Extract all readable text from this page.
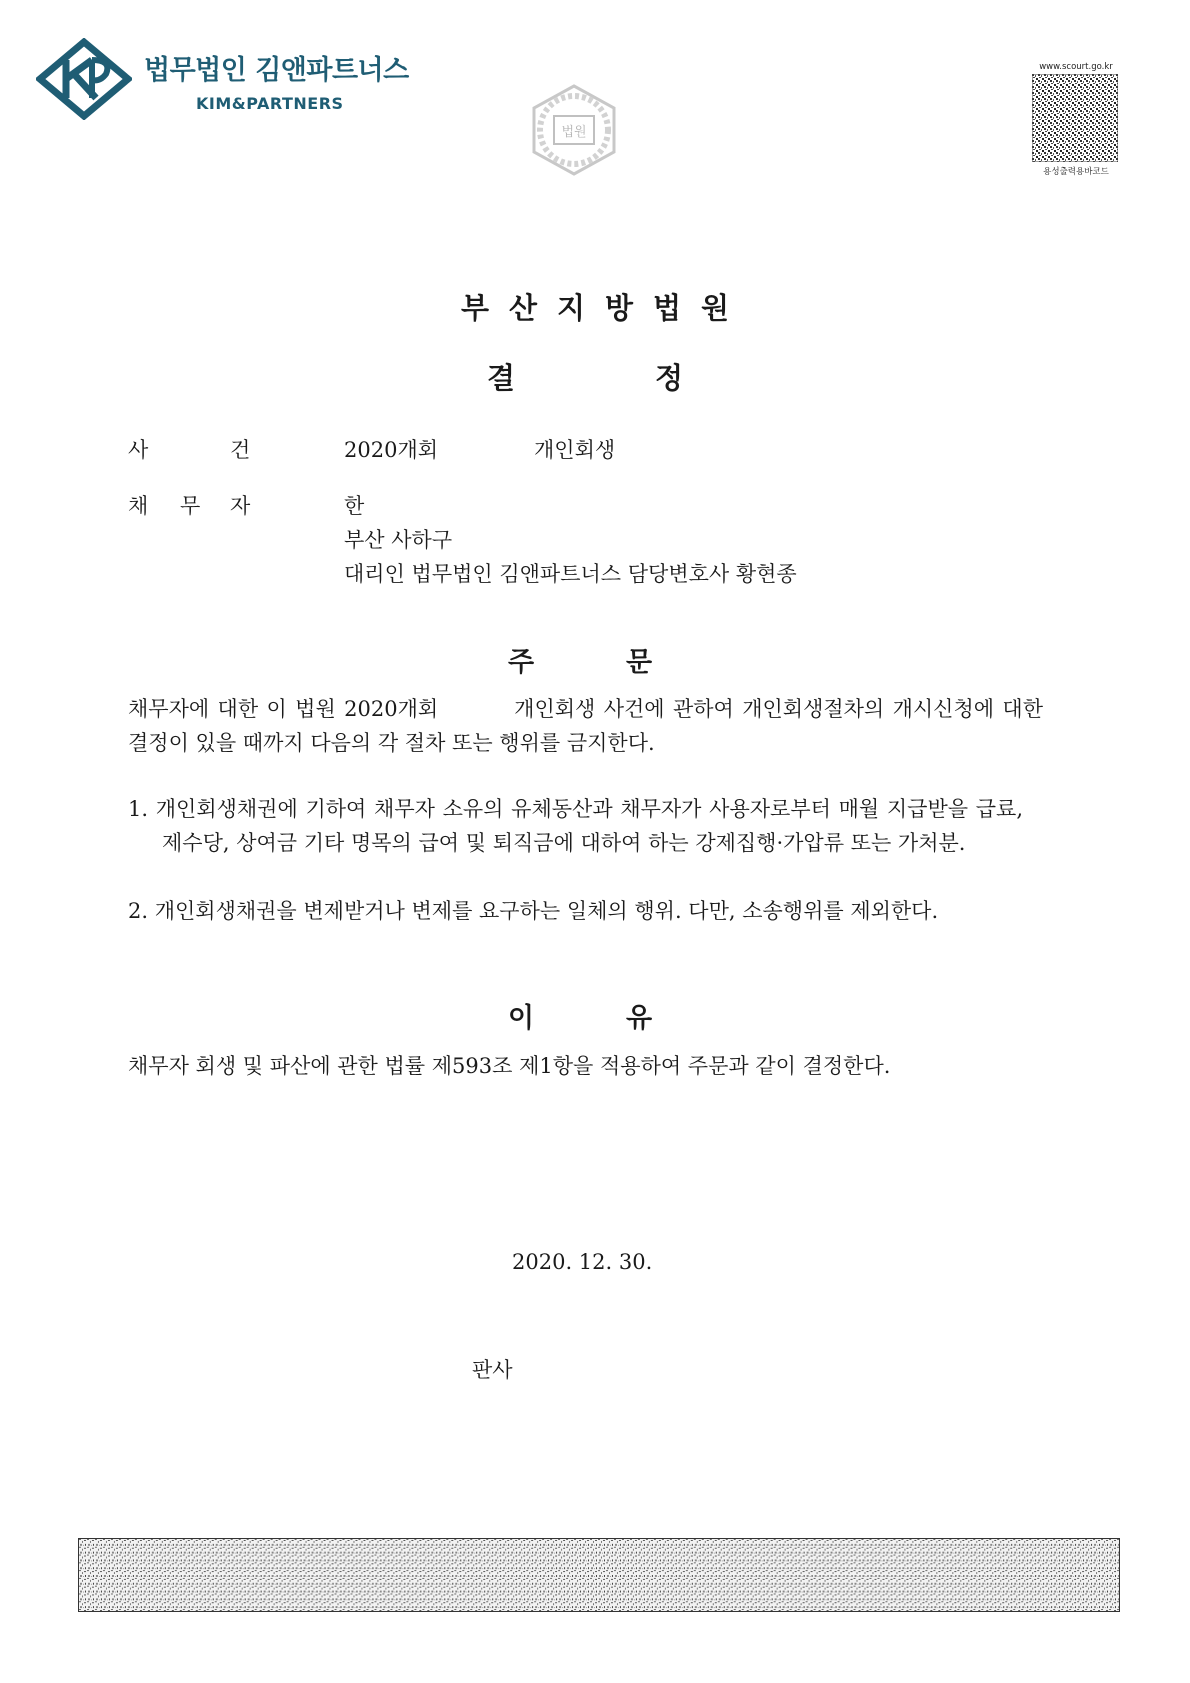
법무법인 김앤파트너스
KIM&PARTNERS
법원
www.scourt.go.kr
용성출력용바코드
부산지방법원
결	정
사	건	2020개회	개인회생
채 무 자	한
부산 사하구
대리인 법무법인 김앤파트너스 담당변호사 황현종
주	문
채무자에 대한 이 법원 2020개회	개인회생 사건에 관하여 개인회생절차의 개시신청에 대한 결정이 있을 때까지 다음의 각 절차 또는 행위를 금지한다.
1. 개인회생채권에 기하여 채무자 소유의 유체동산과 채무자가 사용자로부터 매월 지급받을 급료, 제수당, 상여금 기타 명목의 급여 및 퇴직금에 대하여 하는 강제집행·가압류 또는 가처분.
2. 개인회생채권을 변제받거나 변제를 요구하는 일체의 행위. 다만, 소송행위를 제외한다.
이	유
채무자 회생 및 파산에 관한 법률 제593조 제1항을 적용하여 주문과 같이 결정한다.
2020. 12. 30.
판사
